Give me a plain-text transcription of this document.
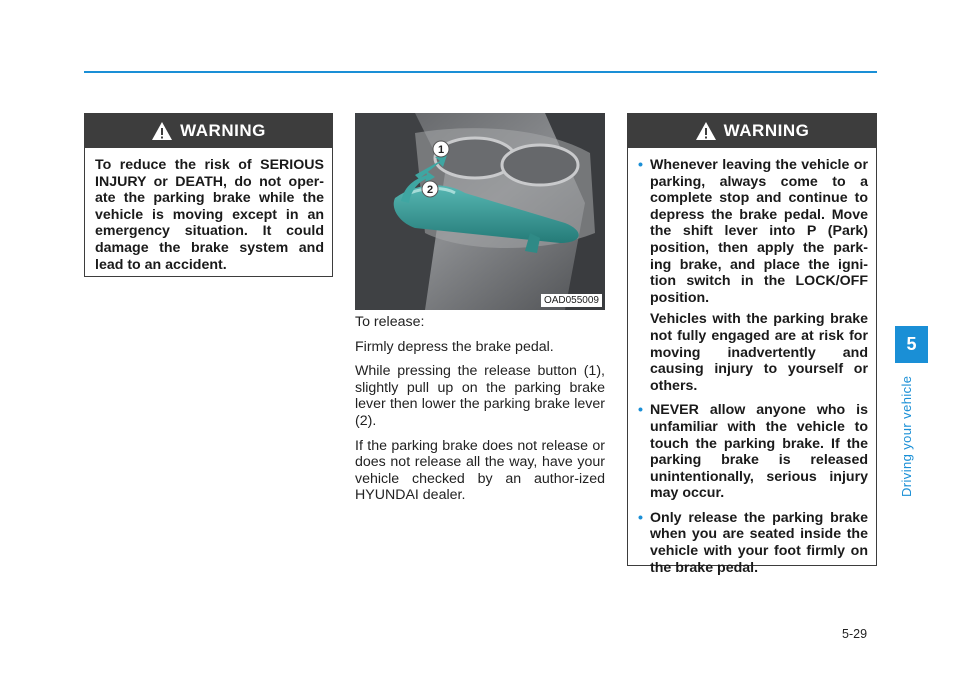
WARNING
To reduce the risk of SERIOUS INJURY or DEATH, do not oper-ate the parking brake while the vehicle is moving except in an emergency situation. It could damage the brake system and lead to an accident.
1
2
OAD055009

To release:

Firmly depress the brake pedal.

While pressing the release button (1), slightly pull up on the parking brake lever then lower the parking brake lever (2).

If the parking brake does not release or does not release all the way, have your vehicle checked by an author-ized HYUNDAI dealer.

WARNING
• Whenever leaving the vehicle or parking, always come to a complete stop and continue to depress the brake pedal. Move the shift lever into P (Park) position, then apply the park-ing brake, and place the igni-tion switch in the LOCK/OFF position.

Vehicles with the parking brake not fully engaged are at risk for moving inadvertently and causing injury to yourself or others.

• NEVER allow anyone who is unfamiliar with the vehicle to touch the parking brake. If the parking brake is released unintentionally, serious injury may occur.

• Only release the parking brake when you are seated inside the vehicle with your foot firmly on the brake pedal.

5
Driving your vehicle
5-29
